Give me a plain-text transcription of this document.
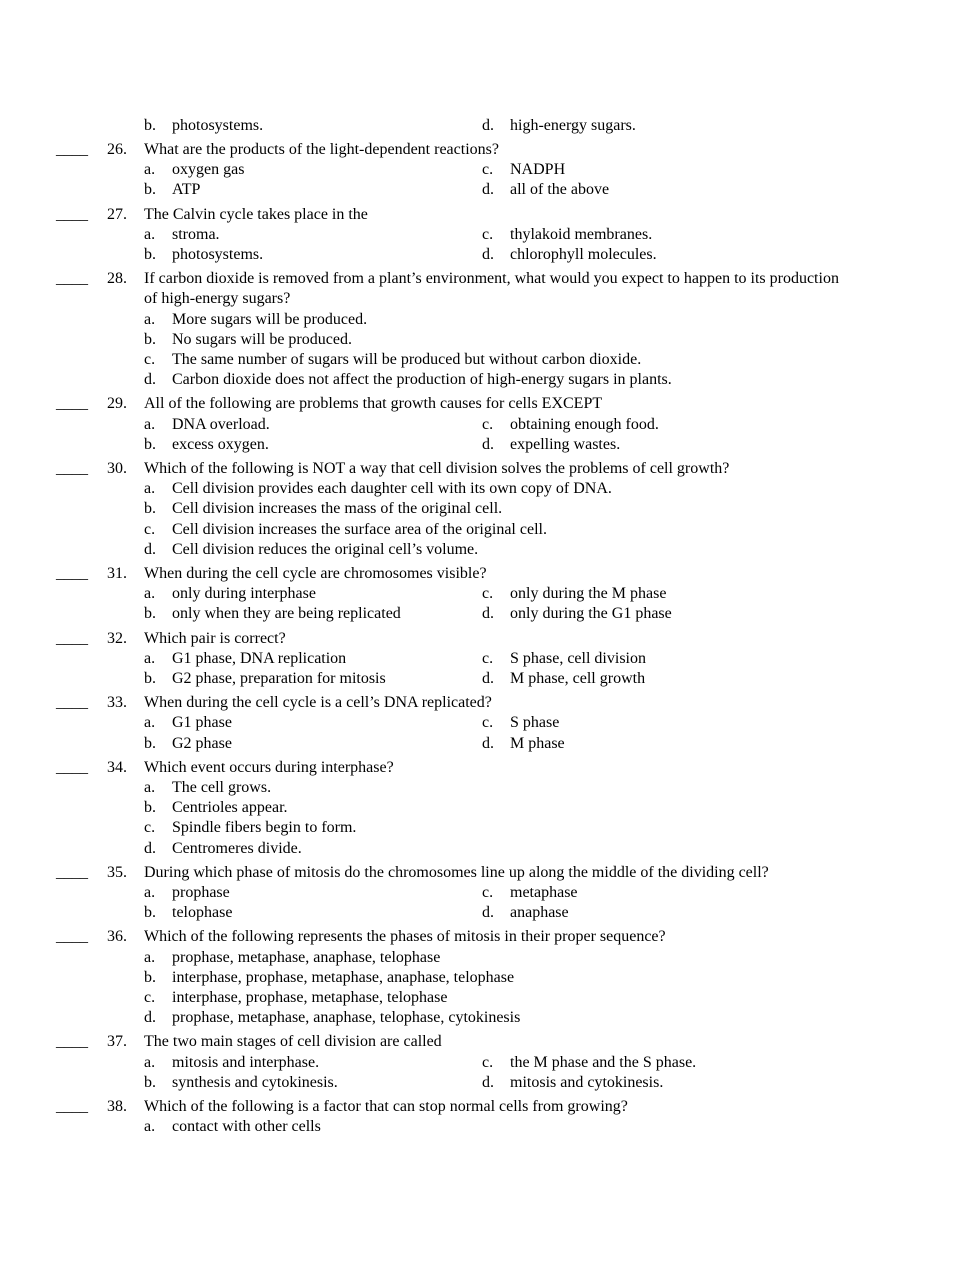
b. photosystems.	d. high-energy sugars.
____ 26. What are the products of the light-dependent reactions?
a. oxygen gas	c. NADPH
b. ATP	d. all of the above
____ 27. The Calvin cycle takes place in the
a. stroma.	c. thylakoid membranes.
b. photosystems.	d. chlorophyll molecules.
____ 28. If carbon dioxide is removed from a plant’s environment, what would you expect to happen to its production
of high-energy sugars?
a. More sugars will be produced.
b. No sugars will be produced.
c. The same number of sugars will be produced but without carbon dioxide.
d. Carbon dioxide does not affect the production of high-energy sugars in plants.
____ 29. All of the following are problems that growth causes for cells EXCEPT
a. DNA overload.	c. obtaining enough food.
b. excess oxygen.	d. expelling wastes.
____ 30. Which of the following is NOT a way that cell division solves the problems of cell growth?
a. Cell division provides each daughter cell with its own copy of DNA.
b. Cell division increases the mass of the original cell.
c. Cell division increases the surface area of the original cell.
d. Cell division reduces the original cell’s volume.
____ 31. When during the cell cycle are chromosomes visible?
a. only during interphase	c. only during the M phase
b. only when they are being replicated	d. only during the G1 phase
____ 32. Which pair is correct?
a. G1 phase, DNA replication	c. S phase, cell division
b. G2 phase, preparation for mitosis	d. M phase, cell growth
____ 33. When during the cell cycle is a cell’s DNA replicated?
a. G1 phase	c. S phase
b. G2 phase	d. M phase
____ 34. Which event occurs during interphase?
a. The cell grows.
b. Centrioles appear.
c. Spindle fibers begin to form.
d. Centromeres divide.
____ 35. During which phase of mitosis do the chromosomes line up along the middle of the dividing cell?
a. prophase	c. metaphase
b. telophase	d. anaphase
____ 36. Which of the following represents the phases of mitosis in their proper sequence?
a. prophase, metaphase, anaphase, telophase
b. interphase, prophase, metaphase, anaphase, telophase
c. interphase, prophase, metaphase, telophase
d. prophase, metaphase, anaphase, telophase, cytokinesis
____ 37. The two main stages of cell division are called
a. mitosis and interphase.	c. the M phase and the S phase.
b. synthesis and cytokinesis.	d. mitosis and cytokinesis.
____ 38. Which of the following is a factor that can stop normal cells from growing?
a. contact with other cells
